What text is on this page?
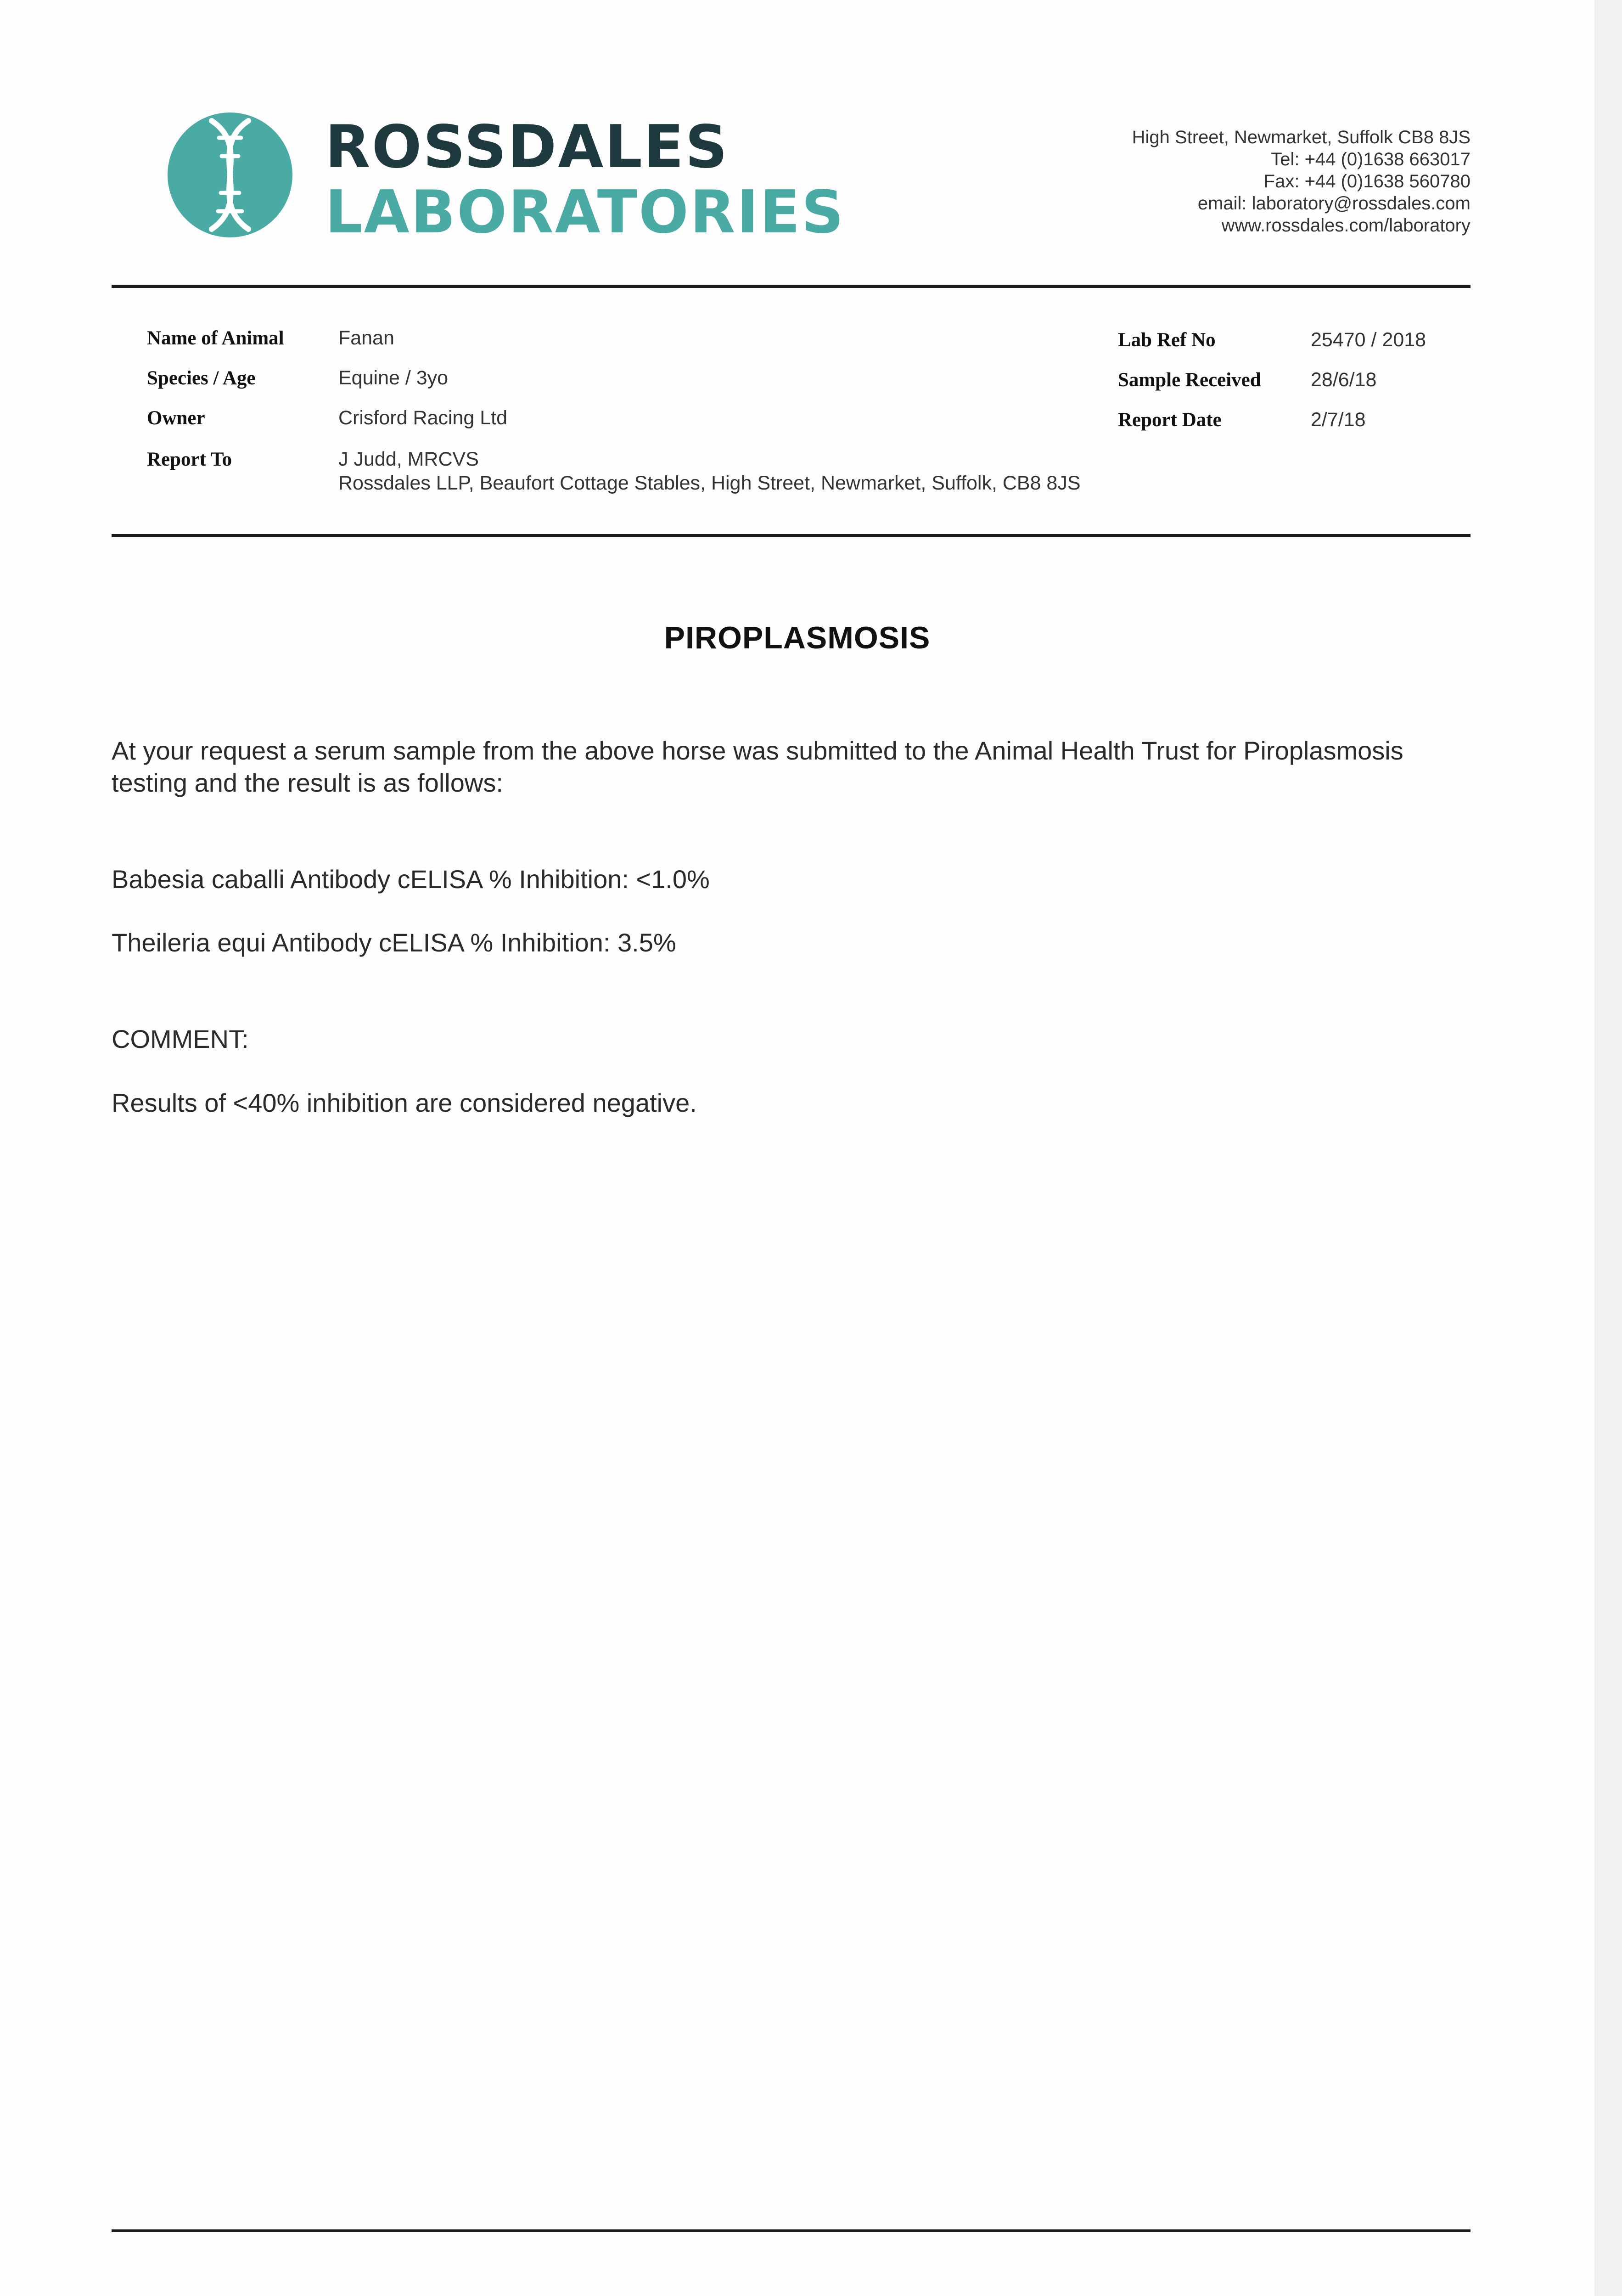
ROSSDALES
LABORATORIES
High Street, Newmarket, Suffolk CB8 8JS
Tel: +44 (0)1638 663017
Fax: +44 (0)1638 560780
email: laboratory@rossdales.com
www.rossdales.com/laboratory
Name of Animal	Fanan
Species / Age	Equine / 3yo
Owner	Crisford Racing Ltd
Report To	J Judd, MRCVS
Rossdales LLP, Beaufort Cottage Stables, High Street, Newmarket, Suffolk, CB8 8JS
Lab Ref No	25470 / 2018
Sample Received	28/6/18
Report Date	2/7/18
PIROPLASMOSIS
At your request a serum sample from the above horse was submitted to the Animal Health Trust for Piroplasmosis
testing and the result is as follows:
Babesia caballi Antibody cELISA % Inhibition: <1.0%
Theileria equi Antibody cELISA % Inhibition: 3.5%
COMMENT:
Results of <40% inhibition are considered negative.
